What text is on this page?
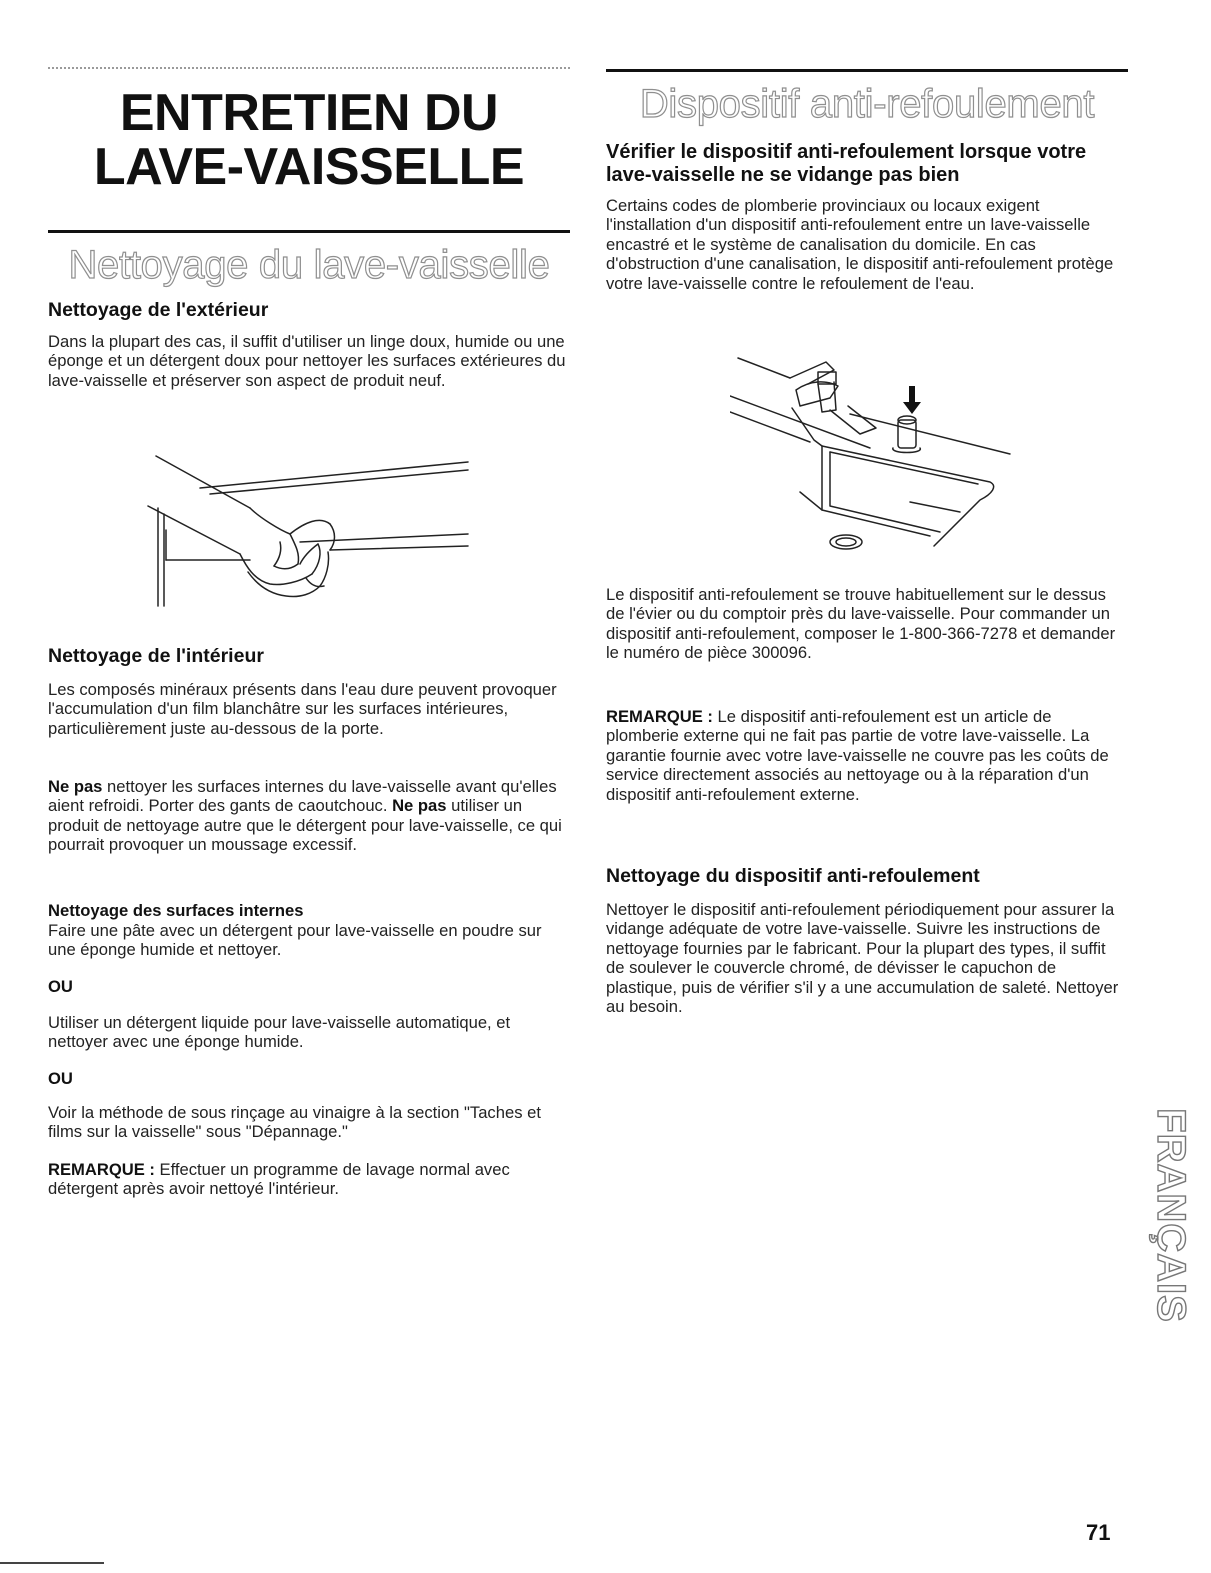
ENTRETIEN DU
LAVE-VAISSELLE
Nettoyage du lave-vaisselle
Nettoyage de l'extérieur

Dans la plupart des cas, il suffit d'utiliser un linge doux, humide ou une éponge et un détergent doux pour nettoyer les surfaces extérieures du lave-vaisselle et préserver son aspect de produit neuf.

Nettoyage de l'intérieur

Les composés minéraux présents dans l'eau dure peuvent provoquer l'accumulation d'un film blanchâtre sur les surfaces intérieures, particulièrement juste au-dessous de la porte.

Ne pas nettoyer les surfaces internes du lave-vaisselle avant qu'elles aient refroidi. Porter des gants de caoutchouc. Ne pas utiliser un produit de nettoyage autre que le détergent pour lave-vaisselle, ce qui pourrait provoquer un moussage excessif.

Nettoyage des surfaces internes

Faire une pâte avec un détergent pour lave-vaisselle en poudre sur une éponge humide et nettoyer.

OU

Utiliser un détergent liquide pour lave-vaisselle automatique, et nettoyer avec une éponge humide.

OU

Voir la méthode de sous rinçage au vinaigre à la section "Taches et films sur la vaisselle" sous "Dépannage."

REMARQUE : Effectuer un programme de lavage normal avec détergent après avoir nettoyé l'intérieur.

Dispositif anti-refoulement
Vérifier le dispositif anti-refoulement lorsque votre lave-vaisselle ne se vidange pas bien

Certains codes de plomberie provinciaux ou locaux exigent l'installation d'un dispositif anti-refoulement entre un lave-vaisselle encastré et le système de canalisation du domicile. En cas d'obstruction d'une canalisation, le dispositif anti-refoulement protège votre lave-vaisselle contre le refoulement de l'eau.

Le dispositif anti-refoulement se trouve habituellement sur le dessus de l'évier ou du comptoir près du lave-vaisselle. Pour commander un dispositif anti-refoulement, composer le 1-800-366-7278 et demander le numéro de pièce 300096.

REMARQUE : Le dispositif anti-refoulement est un article de plomberie externe qui ne fait pas partie de votre lave-vaisselle. La garantie fournie avec votre lave-vaisselle ne couvre pas les coûts de service directement associés au nettoyage ou à la réparation d'un dispositif anti-refoulement externe.

Nettoyage du dispositif anti-refoulement

Nettoyer le dispositif anti-refoulement périodiquement pour assurer la vidange adéquate de votre lave-vaisselle. Suivre les instructions de nettoyage fournies par le fabricant. Pour la plupart des types, il suffit de soulever le couvercle chromé, de dévisser le capuchon de plastique, puis de vérifier s'il y a une accumulation de saleté. Nettoyer au besoin.

FRANÇAIS

71
